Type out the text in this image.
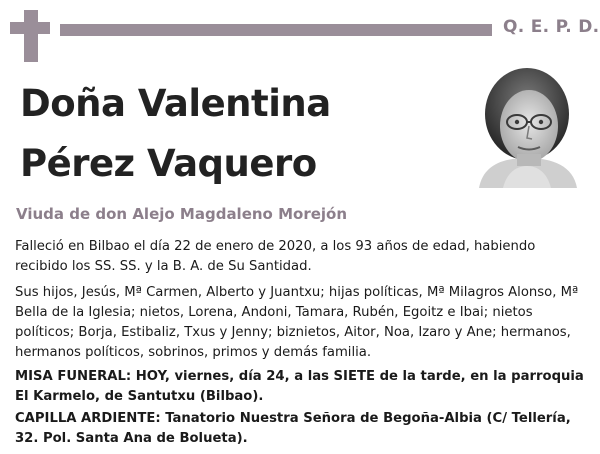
Q. E. P. D.
Doña Valentina
Pérez Vaquero
Viuda de don Alejo Magdaleno Morejón
Falleció en Bilbao el día 22 de enero de 2020, a los 93 años de edad, habiendo recibido los SS. SS. y la B. A. de Su Santidad.
Sus hijos, Jesús, Mª Carmen, Alberto y Juantxu; hijas políticas, Mª Milagros Alonso, Mª Bella de la Iglesia; nietos, Lorena, Andoni, Tamara, Rubén, Egoitz e Ibai; nietos políticos; Borja, Estibaliz, Txus y Jenny; biznietos, Aitor, Noa, Izaro y Ane; hermanos, hermanos políticos, sobrinos, primos y demás familia.
MISA FUNERAL: HOY, viernes, día 24, a las SIETE de la tarde, en la parroquia El Karmelo, de Santutxu (Bilbao).
CAPILLA ARDIENTE: Tanatorio Nuestra Señora de Begoña-Albia (C/ Tellería, 32. Pol. Santa Ana de Bolueta).
